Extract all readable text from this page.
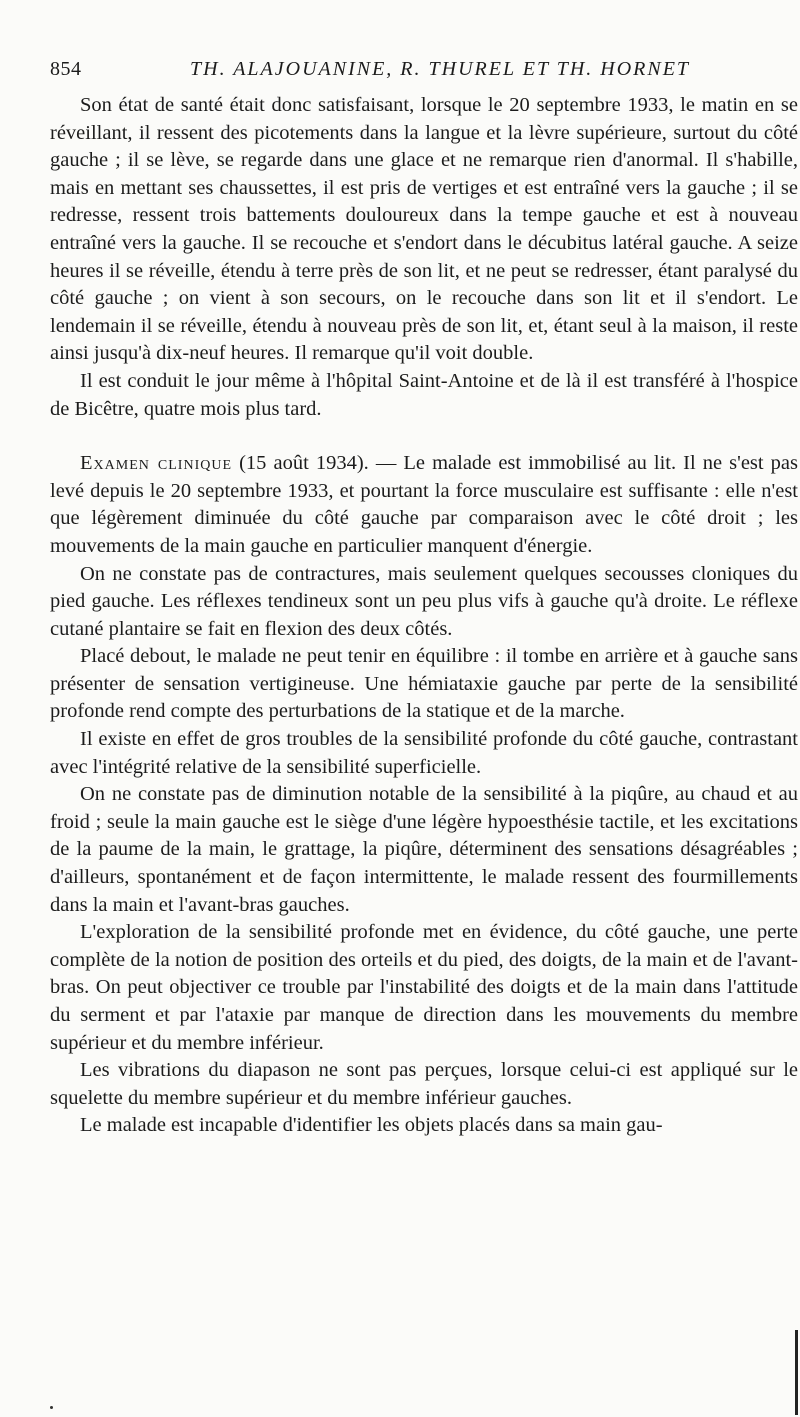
854	TH. ALAJOUANINE, R. THUREL ET TH. HORNET

Son état de santé était donc satisfaisant, lorsque le 20 septembre 1933, le matin en se réveillant, il ressent des picotements dans la langue et la lèvre supérieure, surtout du côté gauche ; il se lève, se regarde dans une glace et ne remarque rien d'anormal. Il s'habille, mais en mettant ses chaussettes, il est pris de vertiges et est entraîné vers la gauche ; il se redresse, ressent trois battements douloureux dans la tempe gauche et est à nouveau entraîné vers la gauche. Il se recouche et s'endort dans le décubitus latéral gauche. A seize heures il se réveille, étendu à terre près de son lit, et ne peut se redresser, étant paralysé du côté gauche ; on vient à son secours, on le recouche dans son lit et il s'endort. Le lendemain il se réveille, étendu à nouveau près de son lit, et, étant seul à la maison, il reste ainsi jusqu'à dix-neuf heures. Il remarque qu'il voit double.

Il est conduit le jour même à l'hôpital Saint-Antoine et de là il est transféré à l'hospice de Bicêtre, quatre mois plus tard.

Examen clinique (15 août 1934). — Le malade est immobilisé au lit. Il ne s'est pas levé depuis le 20 septembre 1933, et pourtant la force musculaire est suffisante : elle n'est que légèrement diminuée du côté gauche par comparaison avec le côté droit ; les mouvements de la main gauche en particulier manquent d'énergie.

On ne constate pas de contractures, mais seulement quelques secousses cloniques du pied gauche. Les réflexes tendineux sont un peu plus vifs à gauche qu'à droite. Le réflexe cutané plantaire se fait en flexion des deux côtés.

Placé debout, le malade ne peut tenir en équilibre : il tombe en arrière et à gauche sans présenter de sensation vertigineuse. Une hémiataxie gauche par perte de la sensibilité profonde rend compte des perturbations de la statique et de la marche.

Il existe en effet de gros troubles de la sensibilité profonde du côté gauche, contrastant avec l'intégrité relative de la sensibilité superficielle.

On ne constate pas de diminution notable de la sensibilité à la piqûre, au chaud et au froid ; seule la main gauche est le siège d'une légère hypoesthésie tactile, et les excitations de la paume de la main, le grattage, la piqûre, déterminent des sensations désagréables ; d'ailleurs, spontanément et de façon intermittente, le malade ressent des fourmillements dans la main et l'avant-bras gauches.

L'exploration de la sensibilité profonde met en évidence, du côté gauche, une perte complète de la notion de position des orteils et du pied, des doigts, de la main et de l'avant-bras. On peut objectiver ce trouble par l'instabilité des doigts et de la main dans l'attitude du serment et par l'ataxie par manque de direction dans les mouvements du membre supérieur et du membre inférieur.

Les vibrations du diapason ne sont pas perçues, lorsque celui-ci est appliqué sur le squelette du membre supérieur et du membre inférieur gauches.

Le malade est incapable d'identifier les objets placés dans sa main gau-
